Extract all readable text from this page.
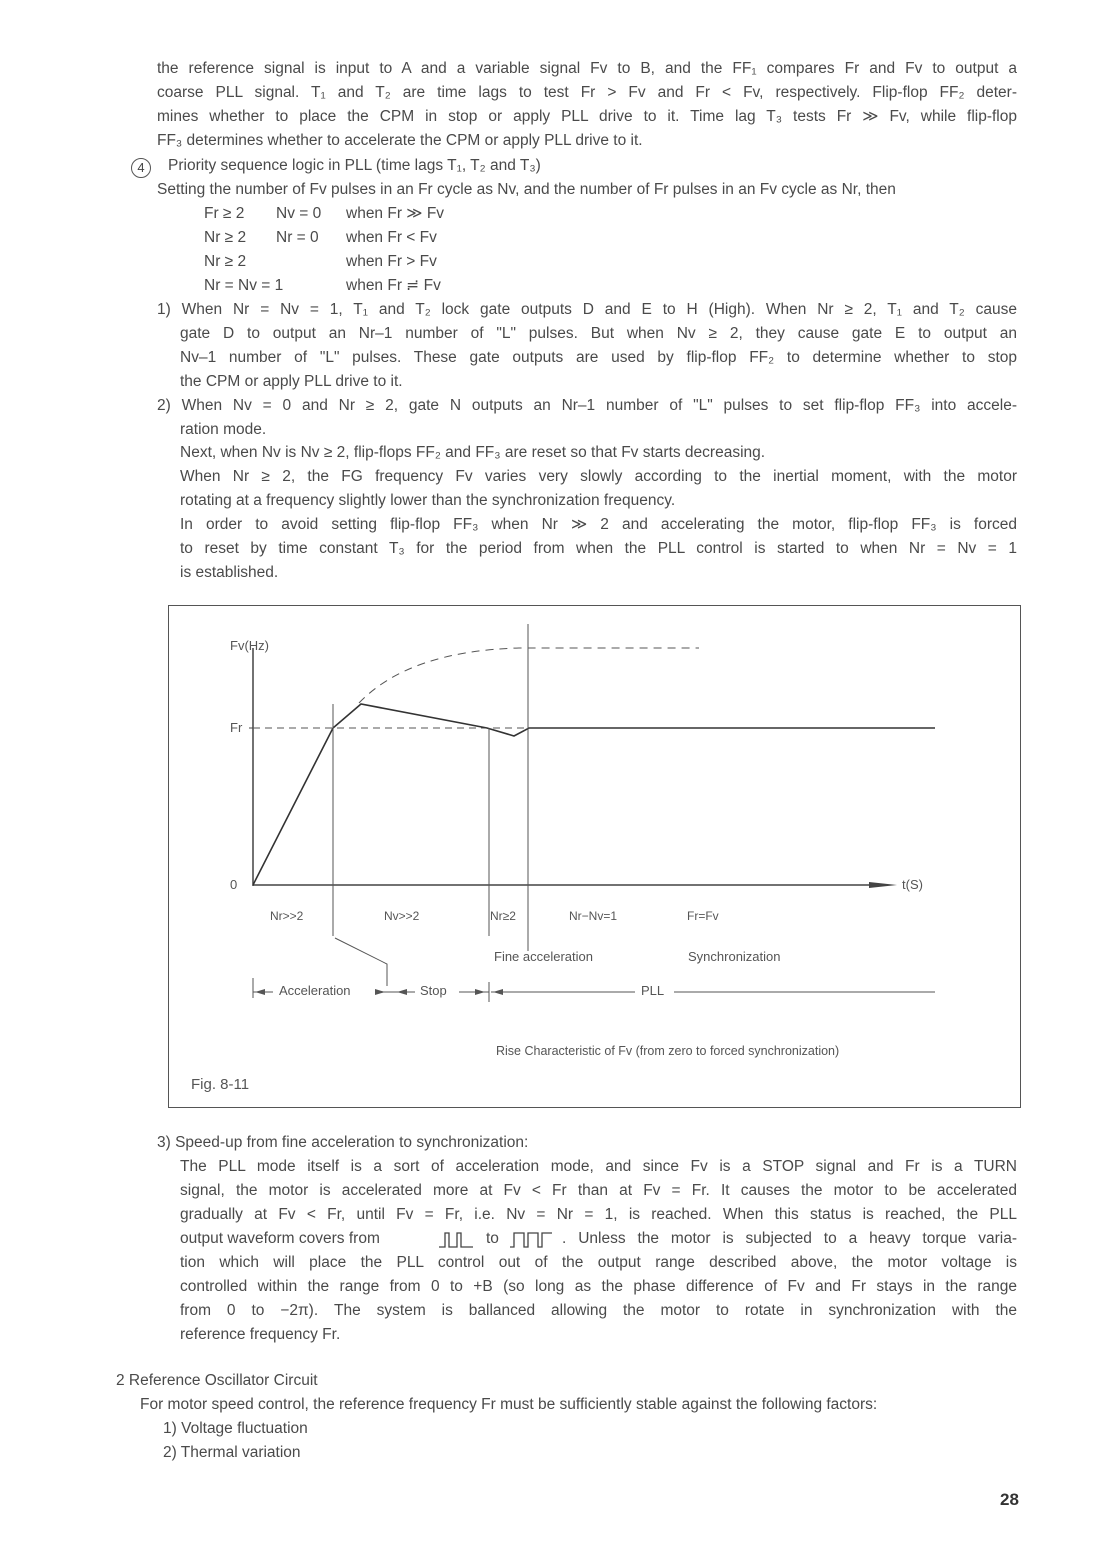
the reference signal is input to A and a variable signal Fv to B, and the FF₁ compares Fr and Fv to output a
coarse PLL signal. T₁ and T₂ are time lags to test Fr > Fv and Fr < Fv, respectively. Flip-flop FF₂ deter-
mines whether to place the CPM in stop or apply PLL drive to it. Time lag T₃ tests Fr ≫ Fv, while flip-flop
FF₃ determines whether to accelerate the CPM or apply PLL drive to it.
4	Priority sequence logic in PLL (time lags T₁, T₂ and T₃)
Setting the number of Fv pulses in an Fr cycle as Nv, and the number of Fr pulses in an Fv cycle as Nr, then
Fr ≥ 2 Nv = 0 when Fr ≫ Fv
Nr ≥ 2 Nr = 0 when Fr < Fv
Nr ≥ 2	when Fr > Fv
Nr = Nv = 1	when Fr ≓ Fv
1) When Nr = Nv = 1, T₁ and T₂ lock gate outputs D and E to H (High). When Nr ≥ 2, T₁ and T₂ cause
gate D to output an Nr–1 number of "L" pulses. But when Nv ≥ 2, they cause gate E to output an
Nv–1 number of "L" pulses. These gate outputs are used by flip-flop FF₂ to determine whether to stop
the CPM or apply PLL drive to it.
2) When Nv = 0 and Nr ≥ 2, gate N outputs an Nr–1 number of "L" pulses to set flip-flop FF₃ into accele-
ration mode.
Next, when Nv is Nv ≥ 2, flip-flops FF₂ and FF₃ are reset so that Fv starts decreasing.
When Nr ≥ 2, the FG frequency Fv varies very slowly according to the inertial moment, with the motor
rotating at a frequency slightly lower than the synchronization frequency.
In order to avoid setting flip-flop FF₃ when Nr ≫ 2 and accelerating the motor, flip-flop FF₃ is forced
to reset by time constant T₃ for the period from when the PLL control is started to when Nr = Nv = 1
is established.
Fv(Hz)
Fr
0	t(S)
Nr>>2	Nv>>2	Nr≥2	Nr−Nv=1	Fr=Fv
Fine acceleration	Synchronization
Acceleration	Stop	PLL
Rise Characteristic of Fv (from zero to forced synchronization)
Fig. 8-11
3) Speed-up from fine acceleration to synchronization:
The PLL mode itself is a sort of acceleration mode, and since Fv is a STOP signal and Fr is a TURN
signal, the motor is accelerated more at Fv < Fr than at Fv = Fr. It causes the motor to be accelerated
gradually at Fv < Fr, until Fv = Fr, i.e. Nv = Nr = 1, is reached. When this status is reached, the PLL
output waveform covers from	to	. Unless the motor is subjected to a heavy torque varia-
tion which will place the PLL control out of the output range described above, the motor voltage is
controlled within the range from 0 to +B (so long as the phase difference of Fv and Fr stays in the range
from 0 to −2π). The system is ballanced allowing the motor to rotate in synchronization with the
reference frequency Fr.
2 Reference Oscillator Circuit
For motor speed control, the reference frequency Fr must be sufficiently stable against the following factors:
1) Voltage fluctuation
2) Thermal variation
28
